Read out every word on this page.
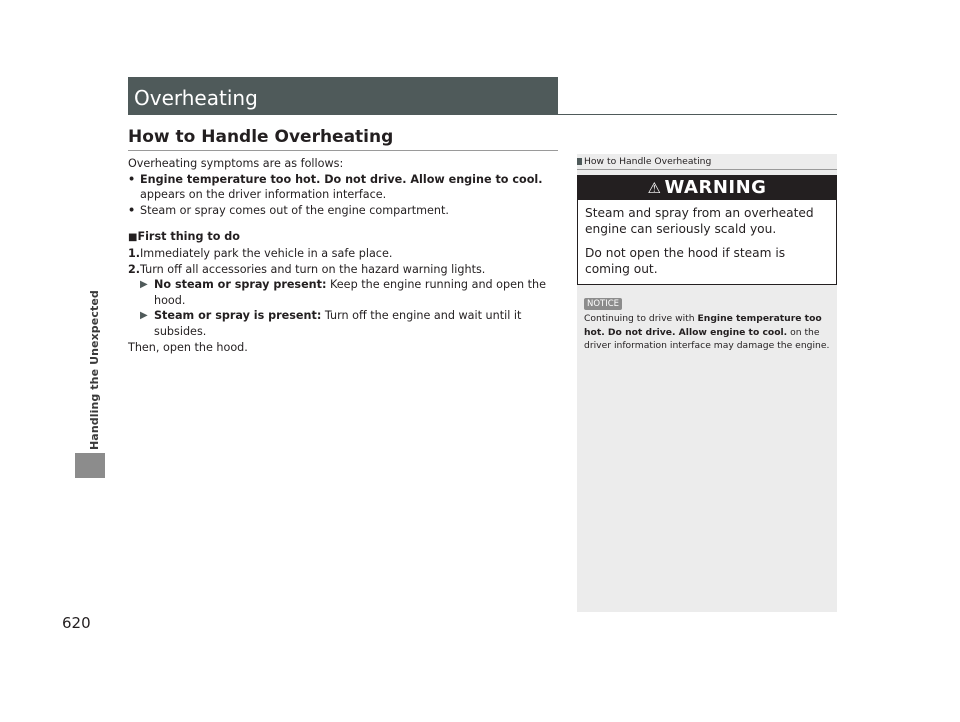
Handling the Unexpected
620
Overheating
How to Handle Overheating

Overheating symptoms are as follows:

• Engine temperature too hot. Do not drive. Allow engine to cool. appears on the driver information interface.

• Steam or spray comes out of the engine compartment.

■First thing to do

1. Immediately park the vehicle in a safe place.

2. Turn off all accessories and turn on the hazard warning lights.

▶ No steam or spray present: Keep the engine running and open the hood.

▶ Steam or spray is present: Turn off the engine and wait until it subsides.

Then, open the hood.

How to Handle Overheating
⚠ WARNING

Steam and spray from an overheated engine can seriously scald you.

Do not open the hood if steam is coming out.

NOTICE
Continuing to drive with Engine temperature too hot. Do not drive. Allow engine to cool. on the driver information interface may damage the engine.
